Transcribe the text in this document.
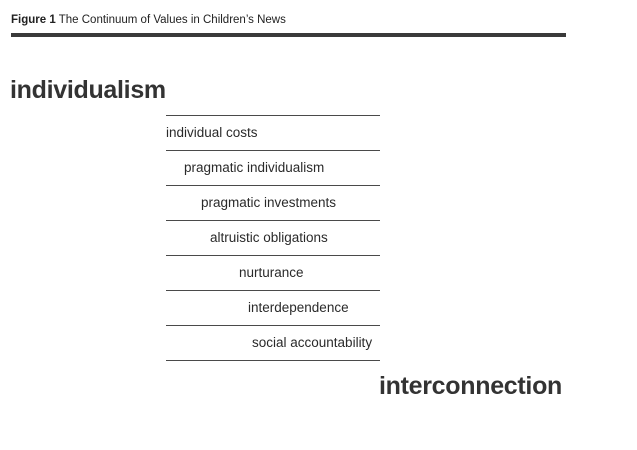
Figure 1 The Continuum of Values in Children’s News
individualism
individual costs
pragmatic individualism
pragmatic investments
altruistic obligations
nurturance
interdependence
social accountability
interconnection
